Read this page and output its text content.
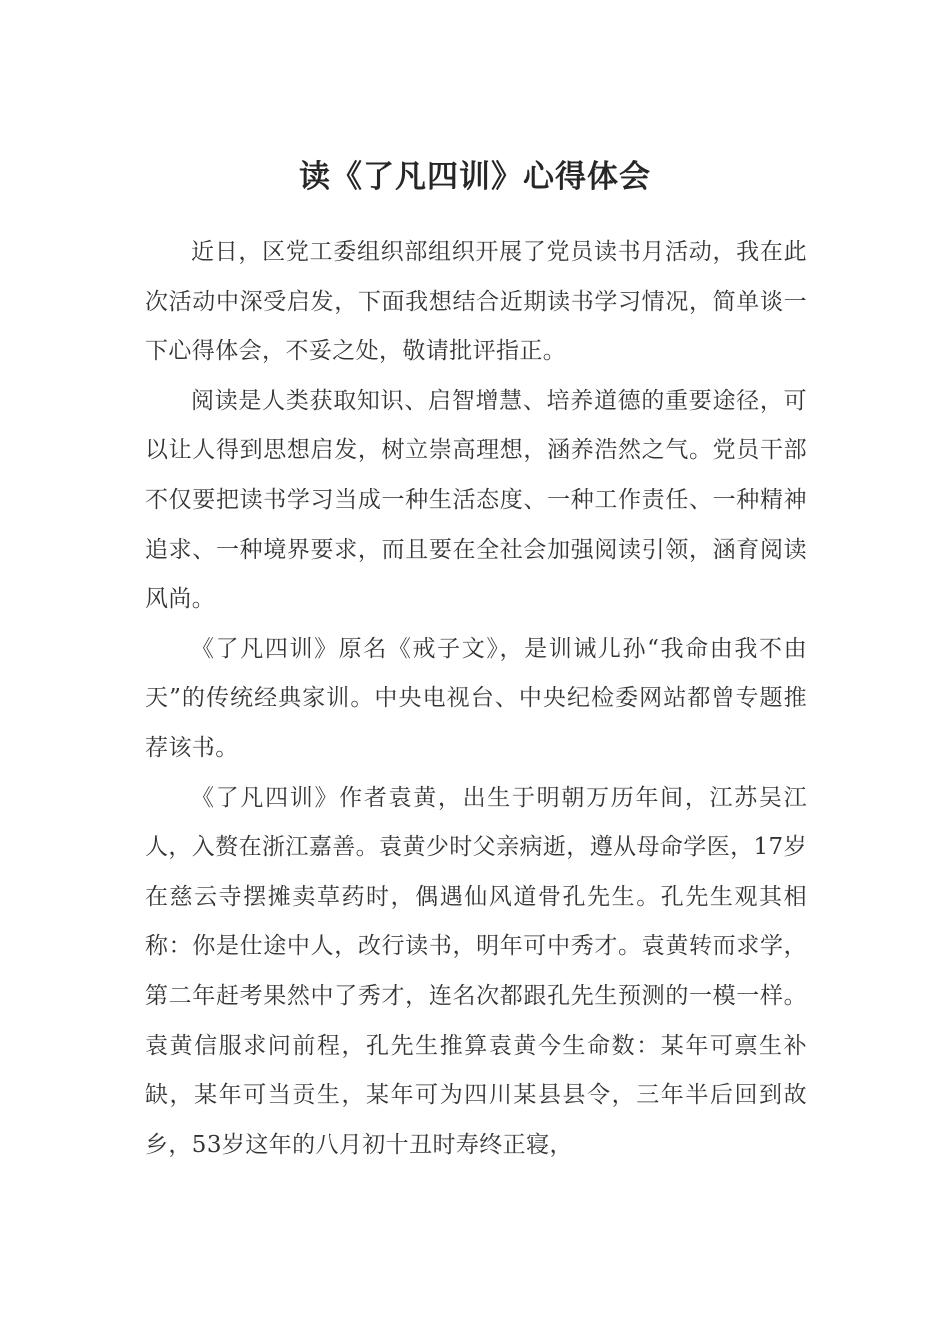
读《了凡四训》心得体会

近日，区党工委组织部组织开展了党员读书月活动，我在此次活动中深受启发，下面我想结合近期读书学习情况，简单谈一下心得体会，不妥之处，敬请批评指正。

阅读是人类获取知识、启智增慧、培养道德的重要途径，可以让人得到思想启发，树立崇高理想，涵养浩然之气。党员干部不仅要把读书学习当成一种生活态度、一种工作责任、一种精神追求、一种境界要求，而且要在全社会加强阅读引领，涵育阅读风尚。

《了凡四训》原名《戒子文》，是训诫儿孙“我命由我不由天”的传统经典家训。中央电视台、中央纪检委网站都曾专题推荐该书。

《了凡四训》作者袁黄，出生于明朝万历年间，江苏吴江人，入赘在浙江嘉善。袁黄少时父亲病逝，遵从母命学医，17岁在慈云寺摆摊卖草药时，偶遇仙风道骨孔先生。孔先生观其相称：你是仕途中人，改行读书，明年可中秀才。袁黄转而求学，第二年赶考果然中了秀才，连名次都跟孔先生预测的一模一样。袁黄信服求问前程，孔先生推算袁黄今生命数：某年可禀生补缺，某年可当贡生，某年可为四川某县县令，三年半后回到故乡，53岁这年的八月初十丑时寿终正寝，
